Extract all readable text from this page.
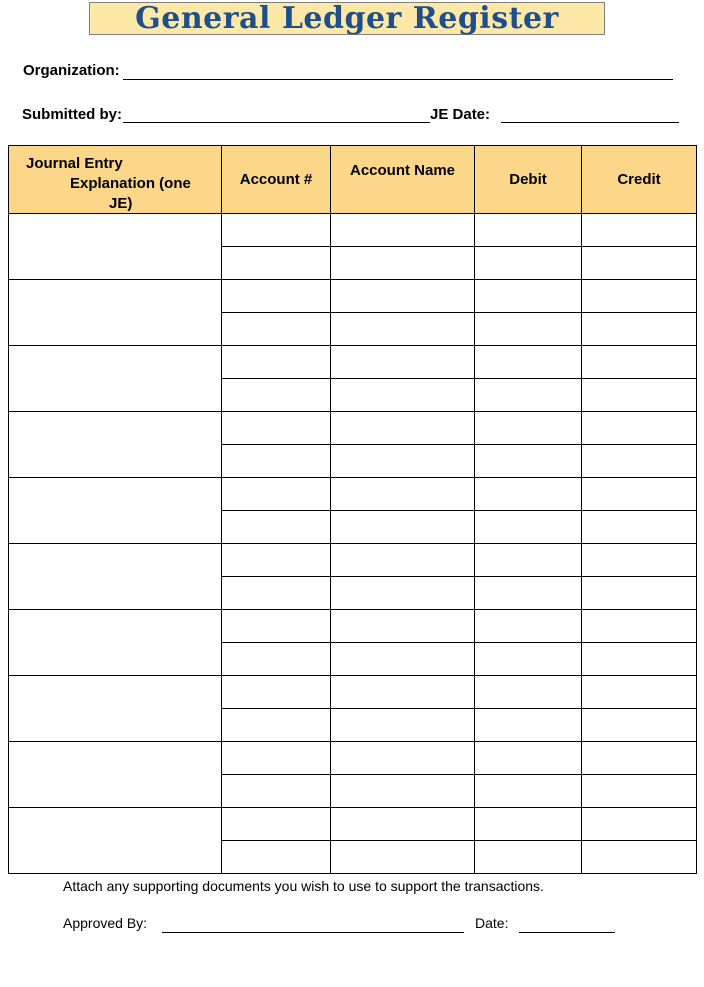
General Ledger Register
Organization:
Submitted by:	JE Date:
Journal Entry
Explanation (one
JE)	Account #	Account Name	Debit	Credit

Attach any supporting documents you wish to use to support the transactions.
Approved By:	Date:
